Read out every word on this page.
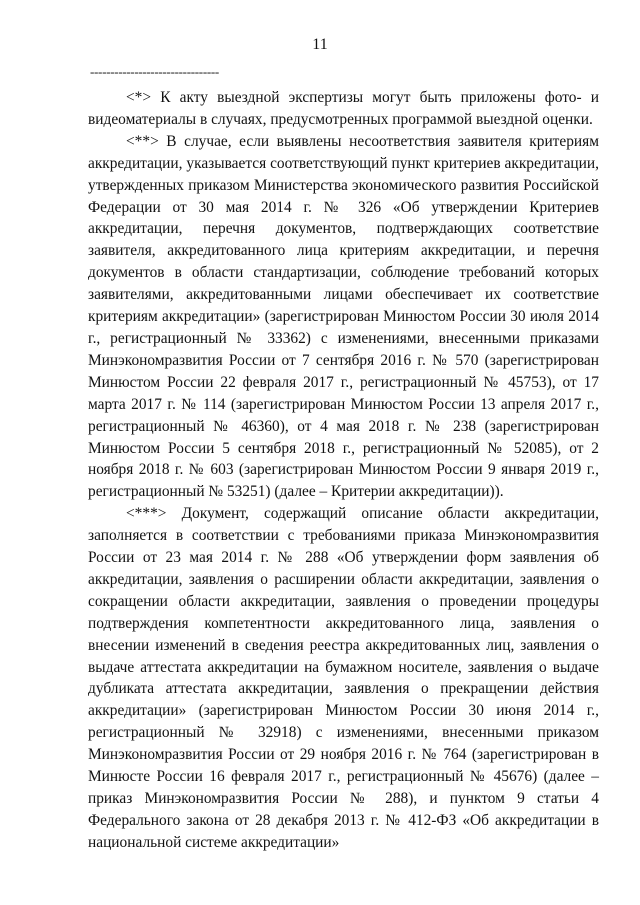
11
--------------------------------

<*> К акту выездной экспертизы могут быть приложены фото- и видеоматериалы в случаях, предусмотренных программой выездной оценки.

<**> В случае, если выявлены несоответствия заявителя критериям аккредитации, указывается соответствующий пункт критериев аккредитации, утвержденных приказом Министерства экономического развития Российской Федерации от 30 мая 2014 г. № 326 «Об утверждении Критериев аккредитации, перечня документов, подтверждающих соответствие заявителя, аккредитованного лица критериям аккредитации, и перечня документов в области стандартизации, соблюдение требований которых заявителями, аккредитованными лицами обеспечивает их соответствие критериям аккредитации» (зарегистрирован Минюстом России 30 июля 2014 г., регистрационный № 33362) с изменениями, внесенными приказами Минэкономразвития России от 7 сентября 2016 г. № 570 (зарегистрирован Минюстом России 22 февраля 2017 г., регистрационный № 45753), от 17 марта 2017 г. № 114 (зарегистрирован Минюстом России 13 апреля 2017 г., регистрационный № 46360), от 4 мая 2018 г. № 238 (зарегистрирован Минюстом России 5 сентября 2018 г., регистрационный № 52085), от 2 ноября 2018 г. № 603 (зарегистрирован Минюстом России 9 января 2019 г., регистрационный № 53251) (далее – Критерии аккредитации)).

<***> Документ, содержащий описание области аккредитации, заполняется в соответствии с требованиями приказа Минэкономразвития России от 23 мая 2014 г. № 288 «Об утверждении форм заявления об аккредитации, заявления о расширении области аккредитации, заявления о сокращении области аккредитации, заявления о проведении процедуры подтверждения компетентности аккредитованного лица, заявления о внесении изменений в сведения реестра аккредитованных лиц, заявления о выдаче аттестата аккредитации на бумажном носителе, заявления о выдаче дубликата аттестата аккредитации, заявления о прекращении действия аккредитации» (зарегистрирован Минюстом России 30 июня 2014 г., регистрационный № 32918) с изменениями, внесенными приказом Минэкономразвития России от 29 ноября 2016 г. № 764 (зарегистрирован в Минюсте России 16 февраля 2017 г., регистрационный № 45676) (далее – приказ Минэкономразвития России № 288), и пунктом 9 статьи 4 Федерального закона от 28 декабря 2013 г. № 412-ФЗ «Об аккредитации в национальной системе аккредитации»
